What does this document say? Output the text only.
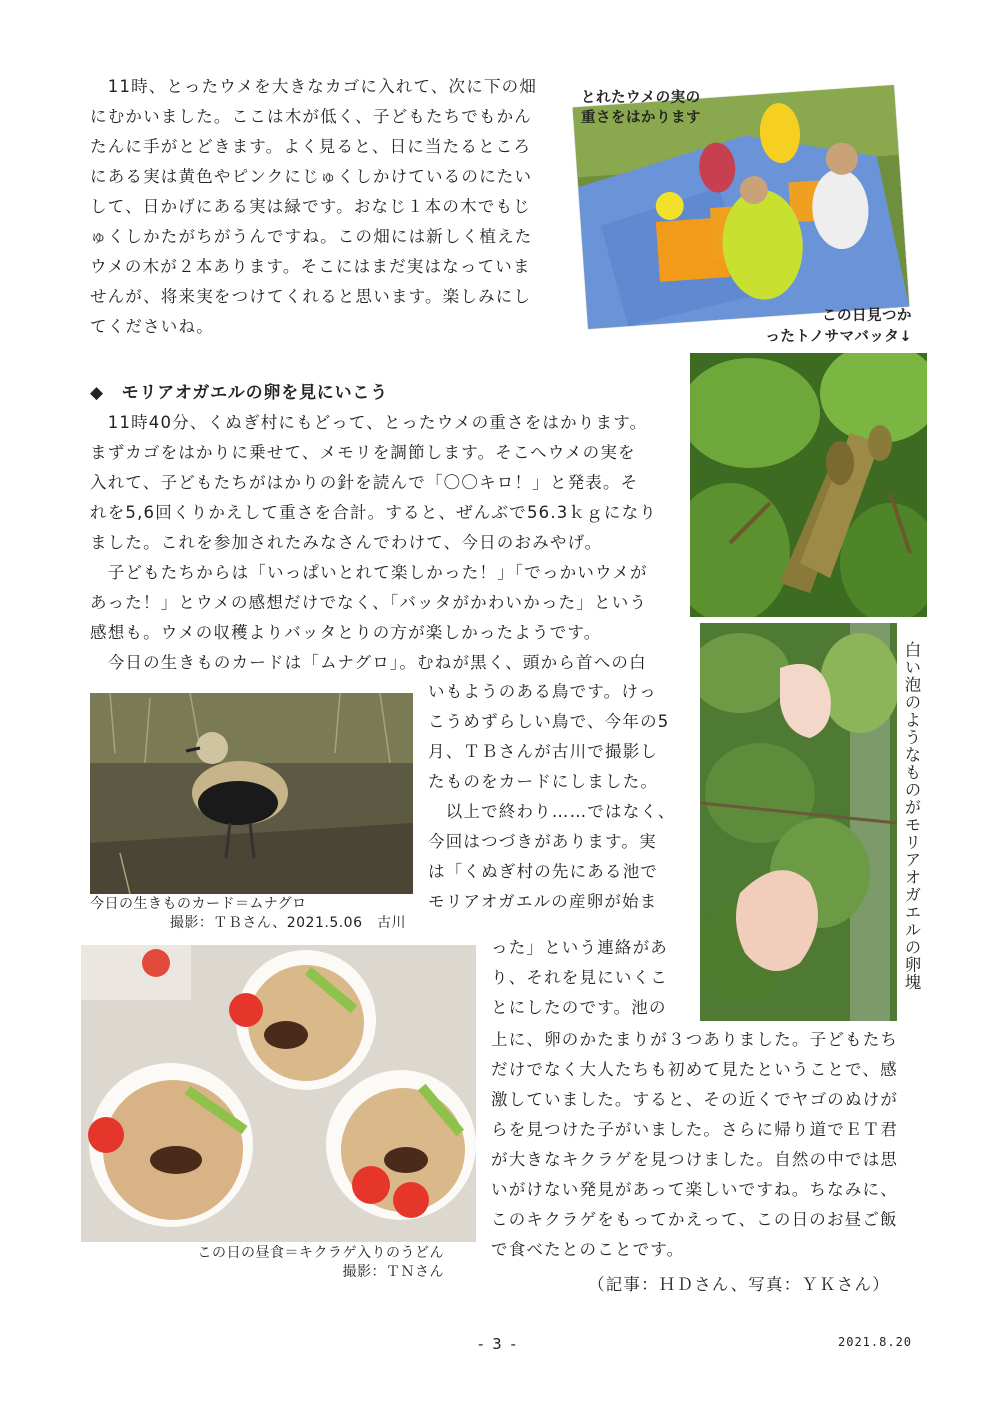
　11時、とったウメを大きなカゴに入れて、次に下の畑

にむかいました。ここは木が低く、子どもたちでもかん

たんに手がとどきます。よく見ると、日に当たるところ

にある実は黄色やピンクにじゅくしかけているのにたい

して、日かげにある実は緑です。おなじ１本の木でもじ

ゅくしかたがちがうんですね。この畑には新しく植えた

ウメの木が２本あります。そこにはまだ実はなっていま

せんが、将来実をつけてくれると思います。楽しみにし

てくださいね。

とれたウメの実の
重さをはかります
この日見つか
ったトノサマバッタ↓
◆　モリアオガエルの卵を見にいこう

　11時40分、くぬぎ村にもどって、とったウメの重さをはかります。

まずカゴをはかりに乗せて、メモリを調節します。そこへウメの実を

入れて、子どもたちがはかりの針を読んで「〇〇キロ！」と発表。そ

れを5,6回くりかえして重さを合計。すると、ぜんぶで56.3ｋｇになり

ました。これを参加されたみなさんでわけて、今日のおみやげ。

　子どもたちからは「いっぱいとれて楽しかった！」「でっかいウメが

あった！」とウメの感想だけでなく、「バッタがかわいかった」という

感想も。ウメの収穫よりバッタとりの方が楽しかったようです。

　今日の生きものカードは「ムナグロ」。むねが黒く、頭から首への白	白い泡のようなものがモリアオガエルの卵塊

いもようのある鳥です。けっ

こうめずらしい鳥で、今年の5

月、ＴＢさんが古川で撮影し

たものをカードにしました。

　以上で終わり……ではなく、

今回はつづきがあります。実

は「くぬぎ村の先にある池で

モリアオガエルの産卵が始ま

今日の生きものカード＝ムナグロ
撮影：ＴＢさん、2021.5.06　古川
この日の昼食＝キクラゲ入りのうどん
撮影：ＴＮさん

った」という連絡があ

り、それを見にいくこ

とにしたのです。池の

上に、卵のかたまりが３つありました。子どもたち

だけでなく大人たちも初めて見たということで、感

激していました。すると、その近くでヤゴのぬけが

らを見つけた子がいました。さらに帰り道でＥＴ君

が大きなキクラゲを見つけました。自然の中では思

いがけない発見があって楽しいですね。ちなみに、

このキクラゲをもってかえって、この日のお昼ご飯

で食べたとのことです。

（記事：ＨＤさん、写真：ＹＫさん）
- 3 -	2021.8.20
